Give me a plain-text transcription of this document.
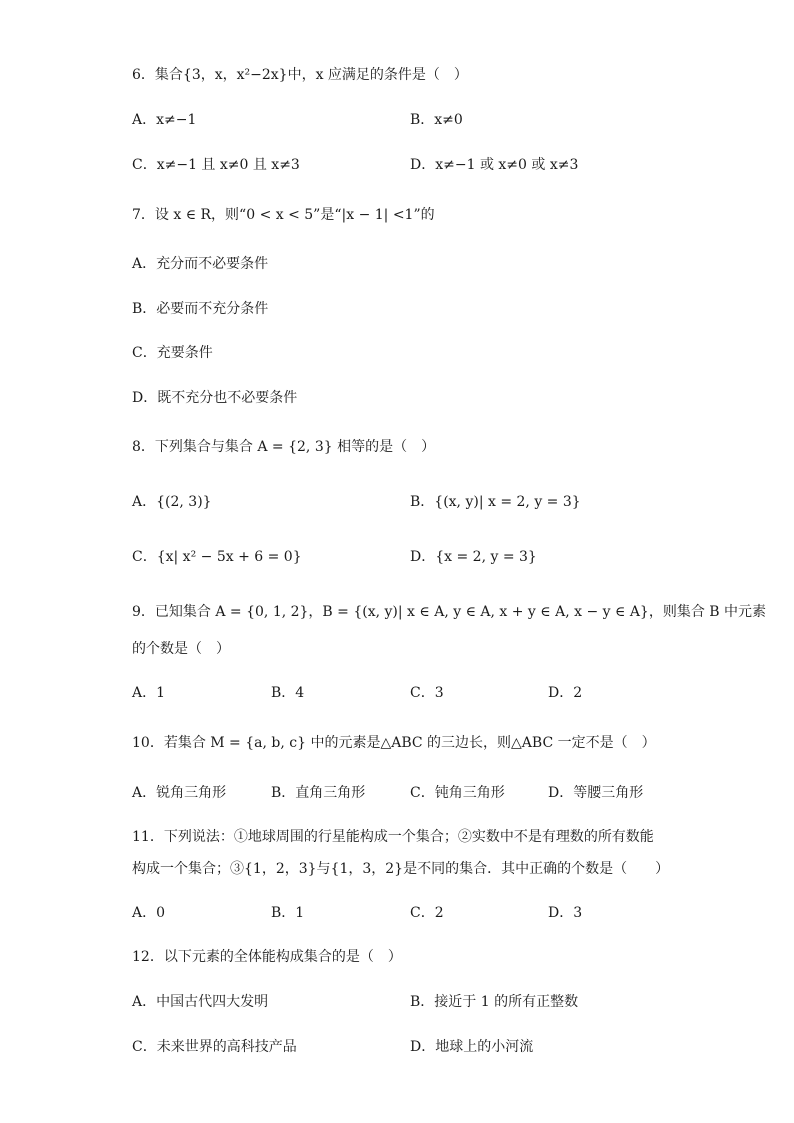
6．集合{3，x，x²−2x}中，x 应满足的条件是（　）
A．x≠−1	B．x≠0
C．x≠−1 且 x≠0 且 x≠3	D．x≠−1 或 x≠0 或 x≠3
7．设 x ∈ R，则“0 < x < 5”是“|x − 1| <1”的
A．充分而不必要条件
B．必要而不充分条件
C．充要条件
D．既不充分也不必要条件
8．下列集合与集合 A = {2, 3} 相等的是（　）
A．{(2, 3)}	B．{(x, y)| x = 2, y = 3}
C．{x| x² − 5x + 6 = 0}	D．{x = 2, y = 3}
9．已知集合 A = {0, 1, 2}，B = {(x, y)| x ∈ A, y ∈ A, x + y ∈ A, x − y ∈ A}，则集合 B 中元素
的个数是（　）
A．1	B．4	C．3	D．2
10．若集合 M = {a, b, c} 中的元素是△ABC 的三边长，则△ABC 一定不是（　）
A．锐角三角形	B．直角三角形	C．钝角三角形	D．等腰三角形
11．下列说法：①地球周围的行星能构成一个集合；②实数中不是有理数的所有数能
构成一个集合；③{1，2，3}与{1，3，2}是不同的集合．其中正确的个数是（　　）
A．0	B．1	C．2	D．3
12．以下元素的全体能构成集合的是（　）
A．中国古代四大发明	B．接近于 1 的所有正整数
C．未来世界的高科技产品	D．地球上的小河流
